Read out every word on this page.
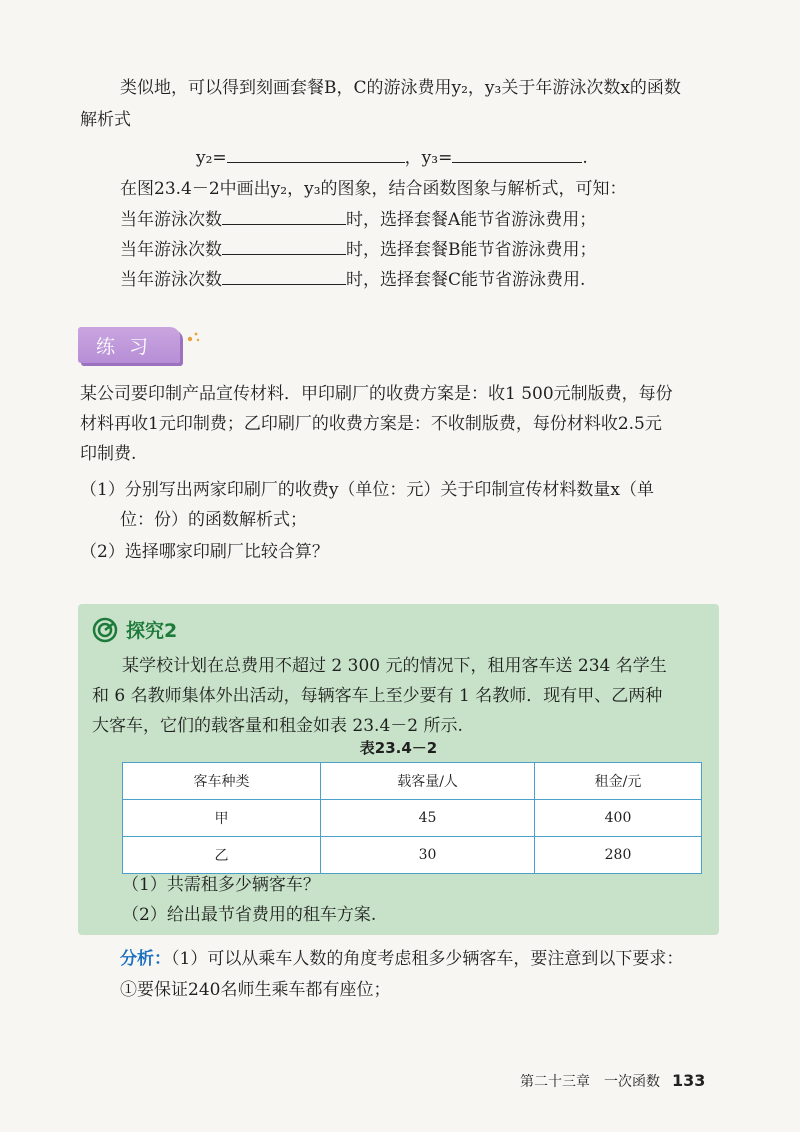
类似地，可以得到刻画套餐B，C的游泳费用y₂，y₃关于年游泳次数x的函数
解析式
y₂=	，y₃=	.
在图23.4－2中画出y₂，y₃的图象，结合函数图象与解析式，可知：
当年游泳次数	时，选择套餐A能节省游泳费用；
当年游泳次数	时，选择套餐B能节省游泳费用；
当年游泳次数	时，选择套餐C能节省游泳费用.
练习
某公司要印制产品宣传材料．甲印刷厂的收费方案是：收1 500元制版费，每份
材料再收1元印制费；乙印刷厂的收费方案是：不收制版费，每份材料收2.5元
印制费.
（1）分别写出两家印刷厂的收费y（单位：元）关于印制宣传材料数量x（单
位：份）的函数解析式；
（2）选择哪家印刷厂比较合算？
探究2
某学校计划在总费用不超过 2 300 元的情况下，租用客车送 234 名学生
和 6 名教师集体外出活动，每辆客车上至少要有 1 名教师．现有甲、乙两种
大客车，它们的载客量和租金如表 23.4－2 所示.
表23.4－2
客车种类	载客量/人	租金/元
甲	45	400
乙	30	280
（1）共需租多少辆客车？
（2）给出最节省费用的租车方案.
分析：（1）可以从乘车人数的角度考虑租多少辆客车，要注意到以下要求：
①要保证240名师生乘车都有座位；
第二十三章　一次函数 133
